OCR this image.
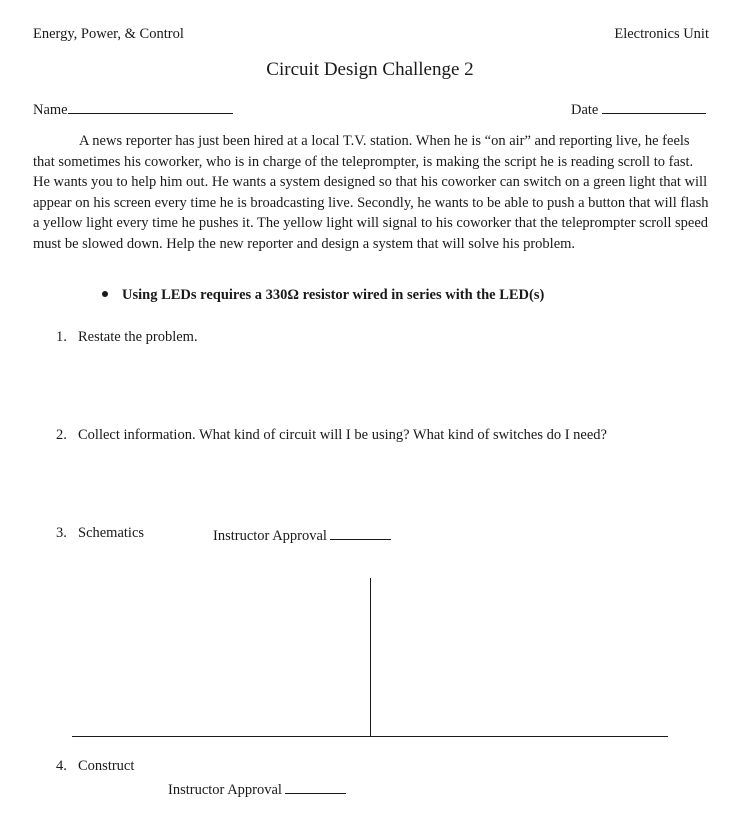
Energy, Power, & Control	Electronics Unit
Circuit Design Challenge 2
Name	Date

A news reporter has just been hired at a local T.V. station. When he is “on air” and reporting live, he feels that sometimes his coworker, who is in charge of the teleprompter, is making the script he is reading scroll to fast. He wants you to help him out. He wants a system designed so that his coworker can switch on a green light that will appear on his screen every time he is broadcasting live. Secondly, he wants to be able to push a button that will flash a yellow light every time he pushes it. The yellow light will signal to his coworker that the teleprompter scroll speed must be slowed down. Help the new reporter and design a system that will solve his problem.

Using LEDs requires a 330Ω resistor wired in series with the LED(s)
1. Restate the problem.
2. Collect information. What kind of circuit will I be using? What kind of switches do I need?
3. Schematics	Instructor Approval
4. Construct
Instructor Approval
